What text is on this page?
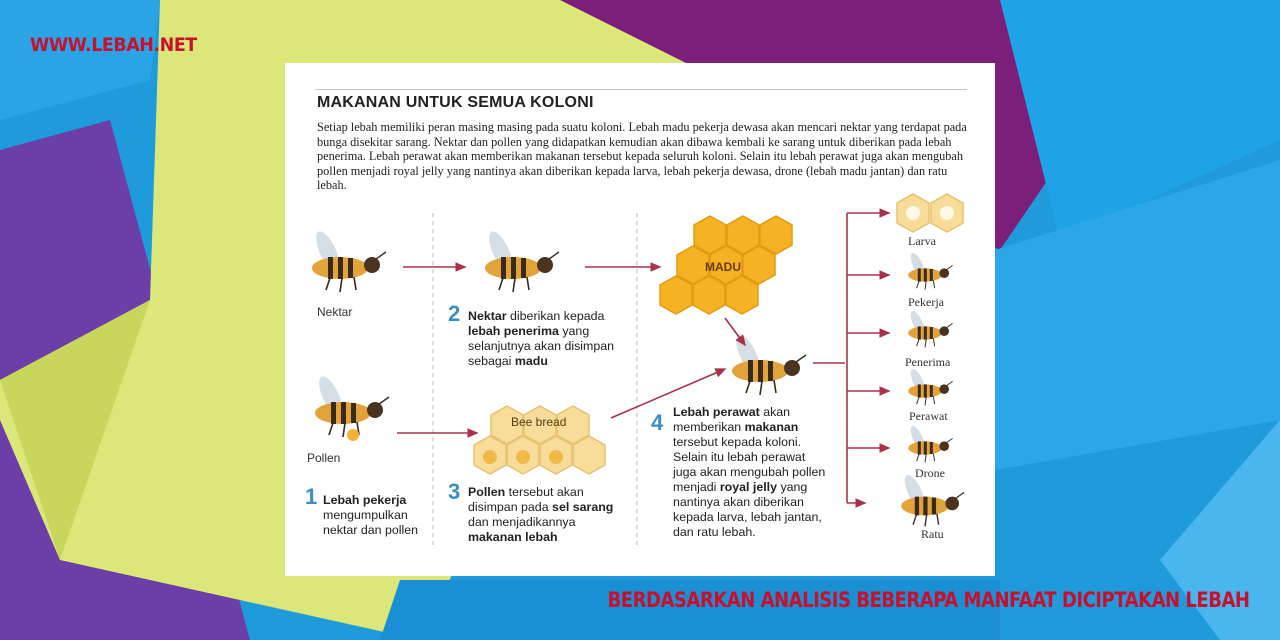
WWW.LEBAH.NET
BERDASARKAN ANALISIS BEBERAPA MANFAAT DICIPTAKAN LEBAH
MAKANAN UNTUK SEMUA KOLONI
Setiap lebah memiliki peran masing masing pada suatu koloni. Lebah madu pekerja dewasa akan mencari nektar yang terdapat pada bunga disekitar sarang. Nektar dan pollen yang didapatkan kemudian akan dibawa kembali ke sarang untuk diberikan pada lebah penerima. Lebah perawat akan memberikan makanan tersebut kepada seluruh koloni. Selain itu lebah perawat juga akan mengubah pollen menjadi royal jelly yang nantinya akan diberikan kepada larva, lebah pekerja dewasa, drone (lebah madu jantan) dan ratu lebah.
Nektar
Pollen
MADU
Bee bread
1 Lebah pekerja
mengumpulkan
nektar dan pollen
2 Nektar diberikan kepada
lebah penerima yang
selanjutnya akan disimpan
sebagai madu
3 Pollen tersebut akan
disimpan pada sel sarang
dan menjadikannya
makanan lebah
4 Lebah perawat akan
memberikan makanan
tersebut kepada koloni.
Selain itu lebah perawat
juga akan mengubah pollen
menjadi royal jelly yang
nantinya akan diberikan
kepada larva, lebah jantan,
dan ratu lebah.
Larva
Pekerja
Penerima
Perawat
Drone
Ratu
